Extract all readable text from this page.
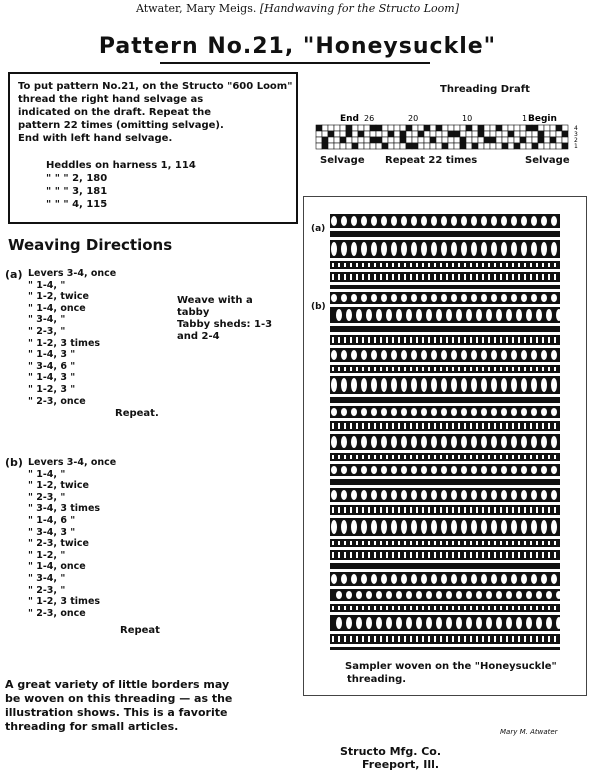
Atwater, Mary Meigs. [Handwaving for the Structo Loom]
Pattern No.21, "Honeysuckle"
To put pattern No.21, on the Structo "600 Loom"
thread the right hand selvage as
indicated on the draft. Repeat the
pattern 22 times (omitting selvage).
End with left hand selvage.
Heddles on harness 1, 114
" " " 2, 180
" " " 3, 181
" " " 4, 115
Threading Draft
End 26	20	10	1 Begin
4
3
2
1
Selvage Repeat 22 times	Selvage
Weaving Directions
(a) Levers 3-4, once
" 1-4, "
" 1-2, twice
" 1-4, once
" 3-4, "
" 2-3, "
" 1-2, 3 times
" 1-4, 3 "
" 3-4, 6 "
" 1-4, 3 "
" 1-2, 3 "
" 2-3, once
Repeat.
Weave with a
tabby
Tabby sheds: 1-3
and 2-4
(b) Levers 3-4, once
" 1-4, "
" 1-2, twice
" 2-3, "
" 3-4, 3 times
" 1-4, 6 "
" 3-4, 3 "
" 2-3, twice
" 1-2, "
" 1-4, once
" 3-4, "
" 2-3, "
" 1-2, 3 times
" 2-3, once
Repeat
(a)
(b)
Sampler woven on the "Honeysuckle"
threading.
Mary M. Atwater
A great variety of little borders may
be woven on this threading — as the
illustration shows. This is a favorite
threading for small articles.
Structo Mfg. Co.
Freeport, Ill.
